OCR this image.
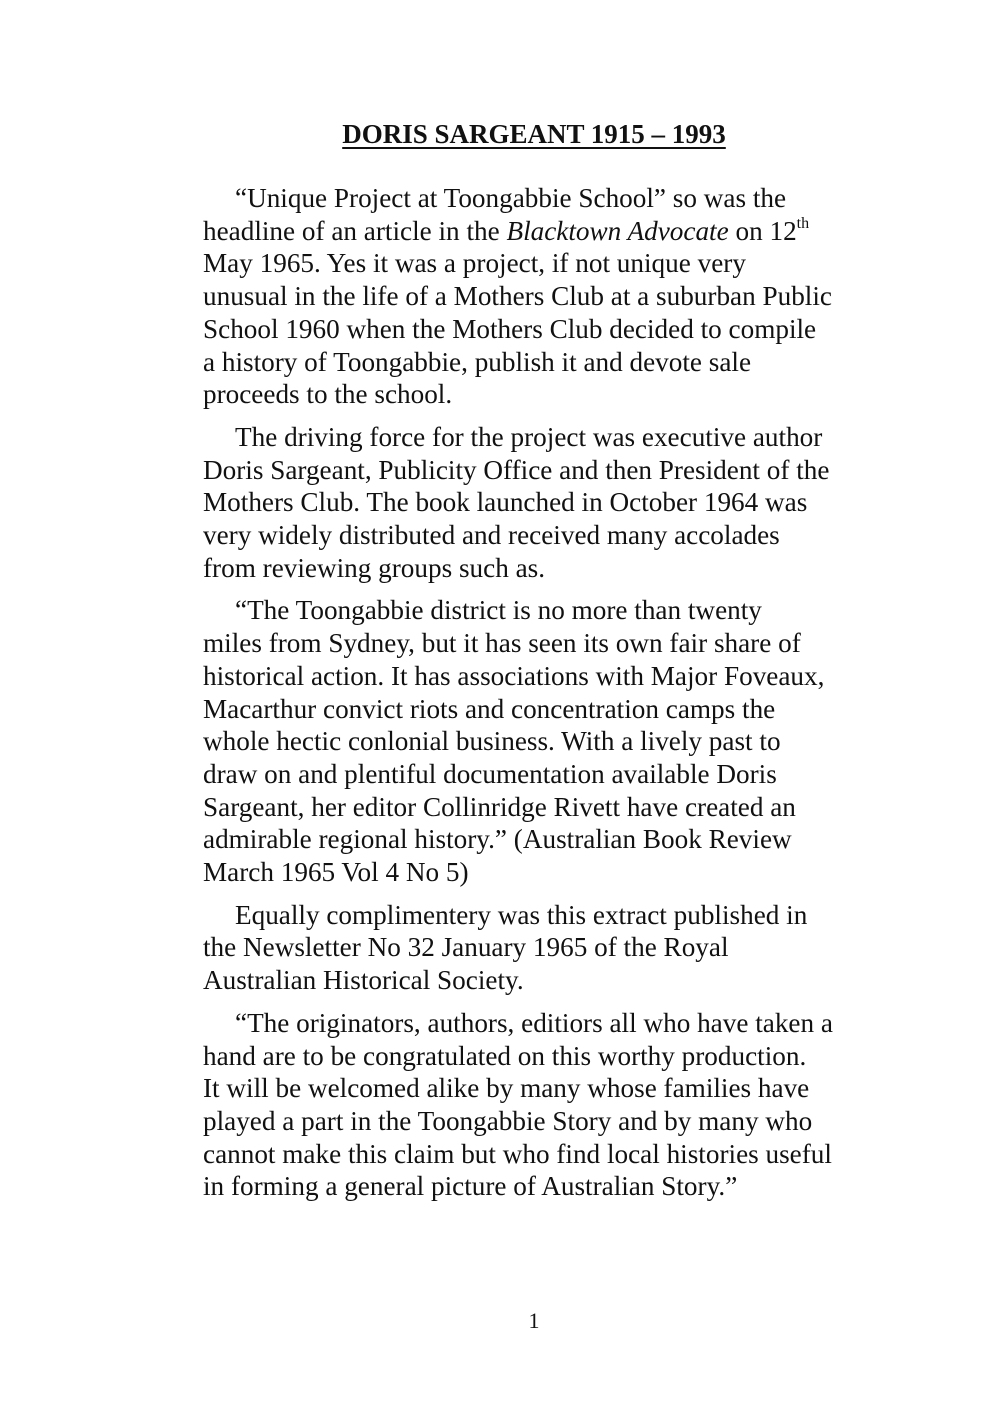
DORIS SARGEANT 1915 – 1993
“Unique Project at Toongabbie School” so was the
headline of an article in the Blacktown Advocate on 12th
May 1965. Yes it was a project, if not unique very
unusual in the life of a Mothers Club at a suburban Public
School 1960 when the Mothers Club decided to compile
a history of Toongabbie, publish it and devote sale
proceeds to the school.
The driving force for the project was executive author
Doris Sargeant, Publicity Office and then President of the
Mothers Club. The book launched in October 1964 was
very widely distributed and received many accolades
from reviewing groups such as.
“The Toongabbie district is no more than twenty
miles from Sydney, but it has seen its own fair share of
historical action. It has associations with Major Foveaux,
Macarthur convict riots and concentration camps the
whole hectic conlonial business. With a lively past to
draw on and plentiful documentation available Doris
Sargeant, her editor Collinridge Rivett have created an
admirable regional history.” (Australian Book Review
March 1965 Vol 4 No 5)
Equally complimentery was this extract published in
the Newsletter No 32 January 1965 of the Royal
Australian Historical Society.
“The originators, authors, editiors all who have taken a
hand are to be congratulated on this worthy production.
It will be welcomed alike by many whose families have
played a part in the Toongabbie Story and by many who
cannot make this claim but who find local histories useful
in forming a general picture of Australian Story.”
1
